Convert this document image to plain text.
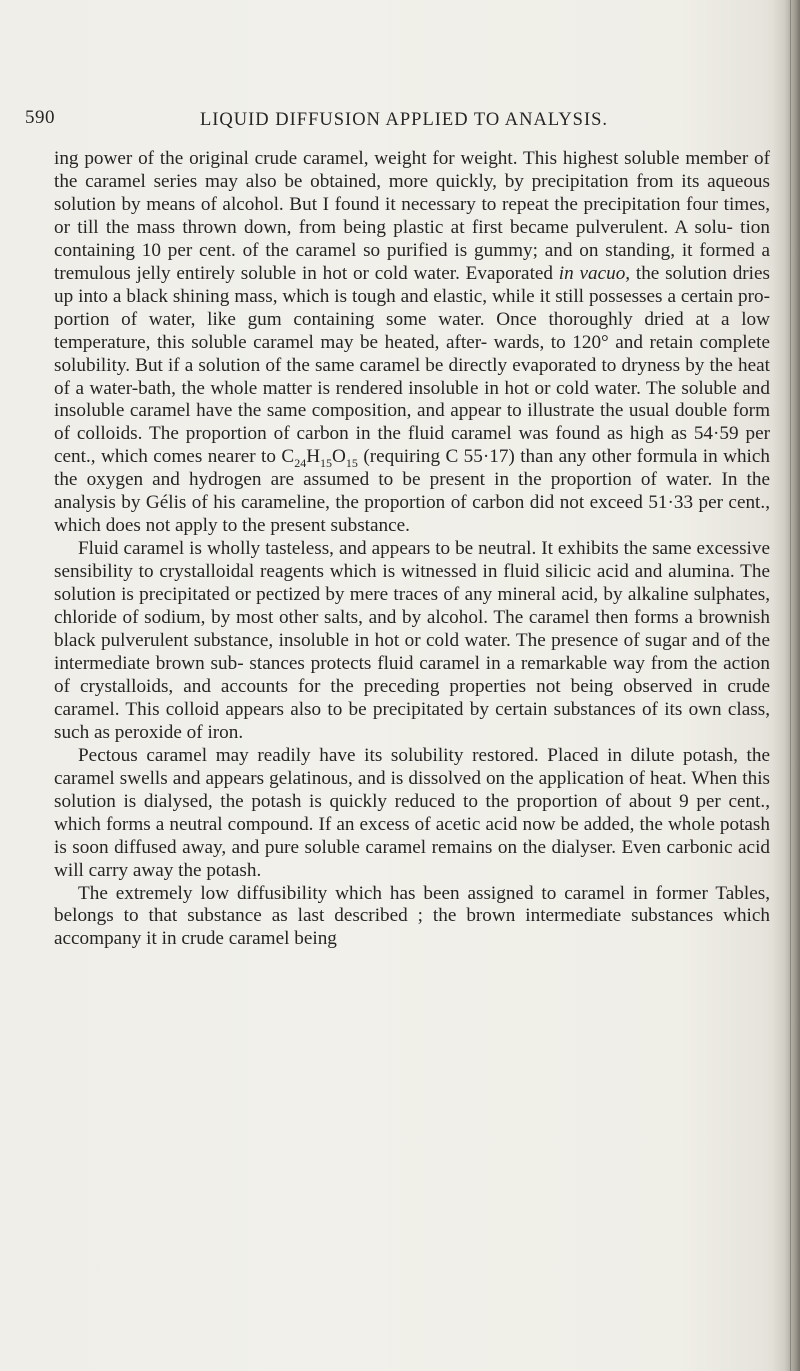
590	LIQUID DIFFUSION APPLIED TO ANALYSIS.

ing power of the original crude caramel, weight for weight. This highest soluble member of the caramel series may also be obtained, more quickly, by precipitation from its aqueous solution by means of alcohol. But I found it necessary to repeat the precipitation four times, or till the mass thrown down, from being plastic at first became pulverulent. A solu- tion containing 10 per cent. of the caramel so purified is gummy; and on standing, it formed a tremulous jelly entirely soluble in hot or cold water. Evaporated in vacuo, the solution dries up into a black shining mass, which is tough and elastic, while it still possesses a certain pro- portion of water, like gum containing some water. Once thoroughly dried at a low temperature, this soluble caramel may be heated, after- wards, to 120° and retain complete solubility. But if a solution of the same caramel be directly evaporated to dryness by the heat of a water-bath, the whole matter is rendered insoluble in hot or cold water. The soluble and insoluble caramel have the same composition, and appear to illustrate the usual double form of colloids. The proportion of carbon in the fluid caramel was found as high as 54·59 per cent., which comes nearer to $C_{24}H_{15}O_{15}$ (requiring C 55·17) than any other formula in which the oxygen and hydrogen are assumed to be present in the proportion of water. In the analysis by Gélis of his carameline, the proportion of carbon did not exceed 51·33 per cent., which does not apply to the present substance.

Fluid caramel is wholly tasteless, and appears to be neutral. It exhibits the same excessive sensibility to crystalloidal reagents which is witnessed in fluid silicic acid and alumina. The solution is precipitated or pectized by mere traces of any mineral acid, by alkaline sulphates, chloride of sodium, by most other salts, and by alcohol. The caramel then forms a brownish black pulverulent substance, insoluble in hot or cold water. The presence of sugar and of the intermediate brown sub- stances protects fluid caramel in a remarkable way from the action of crystalloids, and accounts for the preceding properties not being observed in crude caramel. This colloid appears also to be precipitated by certain substances of its own class, such as peroxide of iron.

Pectous caramel may readily have its solubility restored. Placed in dilute potash, the caramel swells and appears gelatinous, and is dissolved on the application of heat. When this solution is dialysed, the potash is quickly reduced to the proportion of about 9 per cent., which forms a neutral compound. If an excess of acetic acid now be added, the whole potash is soon diffused away, and pure soluble caramel remains on the dialyser. Even carbonic acid will carry away the potash.

The extremely low diffusibility which has been assigned to caramel in former Tables, belongs to that substance as last described ; the brown intermediate substances which accompany it in crude caramel being
